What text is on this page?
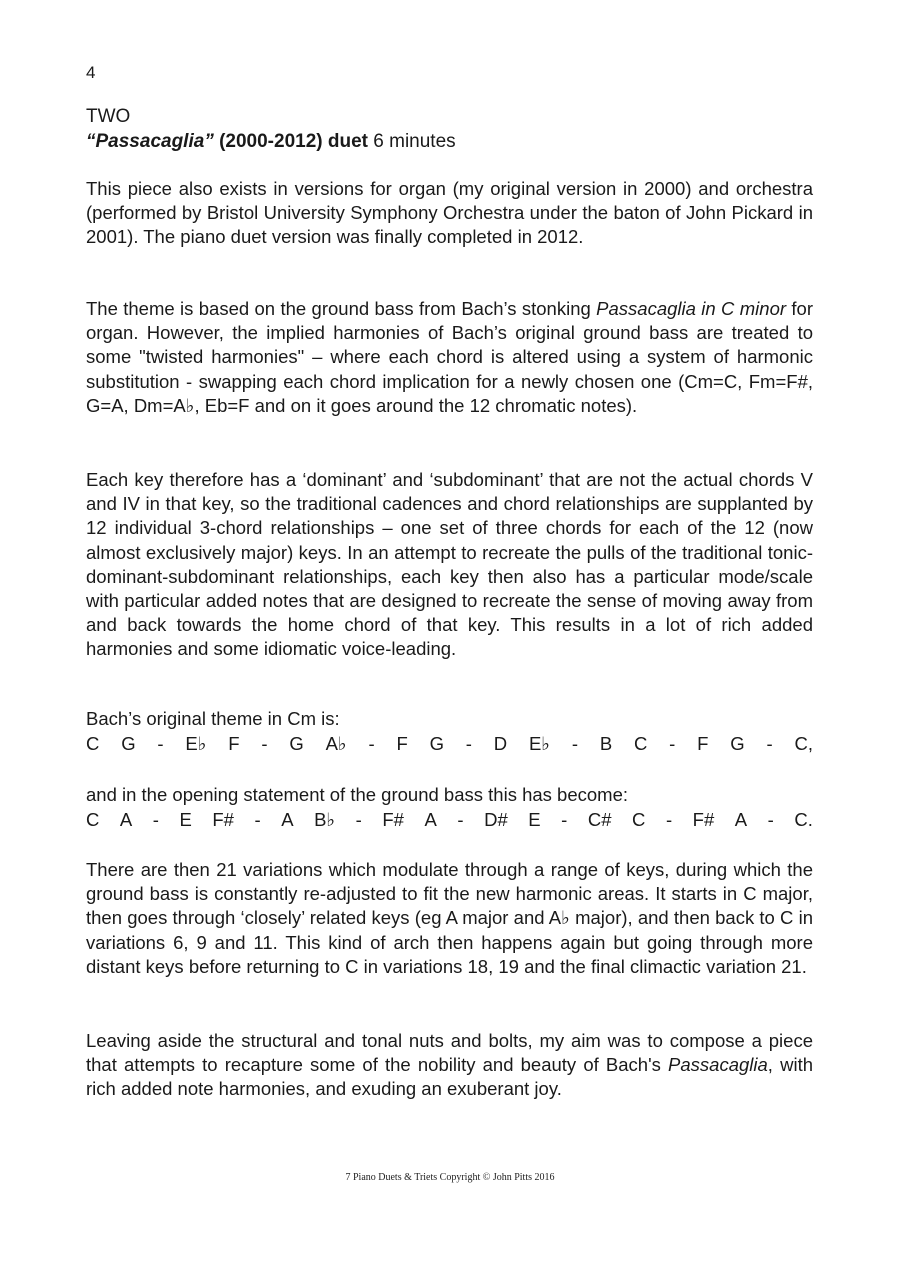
4
TWO
“Passacaglia” (2000-2012) duet 6 minutes

This piece also exists in versions for organ (my original version in 2000) and orchestra (performed by Bristol University Symphony Orchestra under the baton of John Pickard in 2001). The piano duet version was finally completed in 2012.

The theme is based on the ground bass from Bach’s stonking Passacaglia in C minor for organ. However, the implied harmonies of Bach’s original ground bass are treated to some "twisted harmonies" – where each chord is altered using a system of harmonic substitution - swapping each chord implication for a newly chosen one (Cm=C, Fm=F#, G=A, Dm=A♭, Eb=F and on it goes around the 12 chromatic notes).

Each key therefore has a ‘dominant’ and ‘subdominant’ that are not the actual chords V and IV in that key, so the traditional cadences and chord relationships are supplanted by 12 individual 3-chord relationships – one set of three chords for each of the 12 (now almost exclusively major) keys. In an attempt to recreate the pulls of the traditional tonic-dominant-subdominant relationships, each key then also has a particular mode/scale with particular added notes that are designed to recreate the sense of moving away from and back towards the home chord of that key. This results in a lot of rich added harmonies and some idiomatic voice-leading.

Bach’s original theme in Cm is:
C G - E♭ F - G A♭ - F G - D E♭ - B C - F G - C,
and in the opening statement of the ground bass this has become:
C A - E F# - A B♭ - F# A - D# E - C# C - F# A - C.

There are then 21 variations which modulate through a range of keys, during which the ground bass is constantly re-adjusted to fit the new harmonic areas. It starts in C major, then goes through ‘closely’ related keys (eg A major and A♭ major), and then back to C in variations 6, 9 and 11. This kind of arch then happens again but going through more distant keys before returning to C in variations 18, 19 and the final climactic variation 21.

Leaving aside the structural and tonal nuts and bolts, my aim was to compose a piece that attempts to recapture some of the nobility and beauty of Bach's Passacaglia, with rich added note harmonies, and exuding an exuberant joy.

7 Piano Duets & Triets Copyright © John Pitts 2016
